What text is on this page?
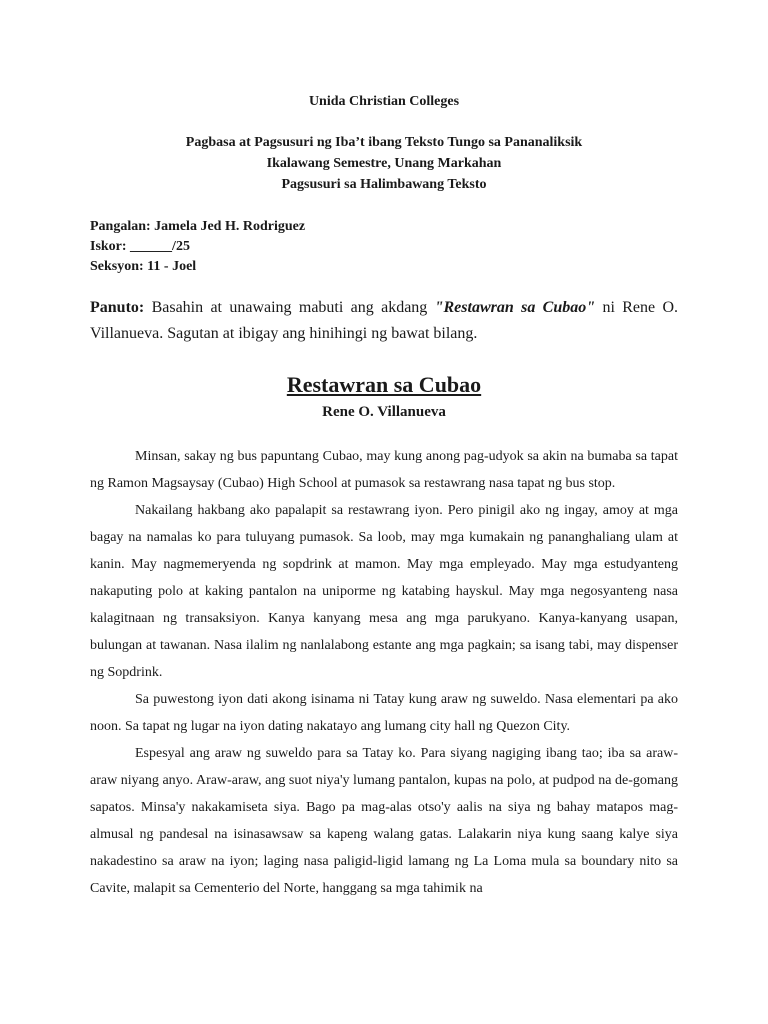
Unida Christian Colleges
Pagbasa at Pagsusuri ng Iba’t ibang Teksto Tungo sa Pananaliksik
Ikalawang Semestre, Unang Markahan
Pagsusuri sa Halimbawang Teksto
Pangalan: Jamela Jed H. Rodriguez
Iskor: ______/25
Seksyon: 11 - Joel
Panuto: Basahin at unawaing mabuti ang akdang "Restawran sa Cubao" ni Rene O. Villanueva. Sagutan at ibigay ang hinihingi ng bawat bilang.
Restawran sa Cubao
Rene O. Villanueva

Minsan, sakay ng bus papuntang Cubao, may kung anong pag-udyok sa akin na bumaba sa tapat ng Ramon Magsaysay (Cubao) High School at pumasok sa restawrang nasa tapat ng bus stop.

Nakailang hakbang ako papalapit sa restawrang iyon. Pero pinigil ako ng ingay, amoy at mga bagay na namalas ko para tuluyang pumasok. Sa loob, may mga kumakain ng pananghaliang ulam at kanin. May nagmemeryenda ng sopdrink at mamon. May mga empleyado. May mga estudyanteng nakaputing polo at kaking pantalon na uniporme ng katabing hayskul. May mga negosyanteng nasa kalagitnaan ng transaksiyon. Kanya kanyang mesa ang mga parukyano. Kanya-kanyang usapan, bulungan at tawanan. Nasa ilalim ng nanlalabong estante ang mga pagkain; sa isang tabi, may dispenser ng Sopdrink.

Sa puwestong iyon dati akong isinama ni Tatay kung araw ng suweldo. Nasa elementari pa ako noon. Sa tapat ng lugar na iyon dating nakatayo ang lumang city hall ng Quezon City.

Espesyal ang araw ng suweldo para sa Tatay ko. Para siyang nagiging ibang tao; iba sa araw-araw niyang anyo. Araw-araw, ang suot niya'y lumang pantalon, kupas na polo, at pudpod na de-gomang sapatos. Minsa'y nakakamiseta siya. Bago pa mag-alas otso'y aalis na siya ng bahay matapos mag-almusal ng pandesal na isinasawsaw sa kapeng walang gatas. Lalakarin niya kung saang kalye siya nakadestino sa araw na iyon; laging nasa paligid-ligid lamang ng La Loma mula sa boundary nito sa Cavite, malapit sa Cementerio del Norte, hanggang sa mga tahimik na
